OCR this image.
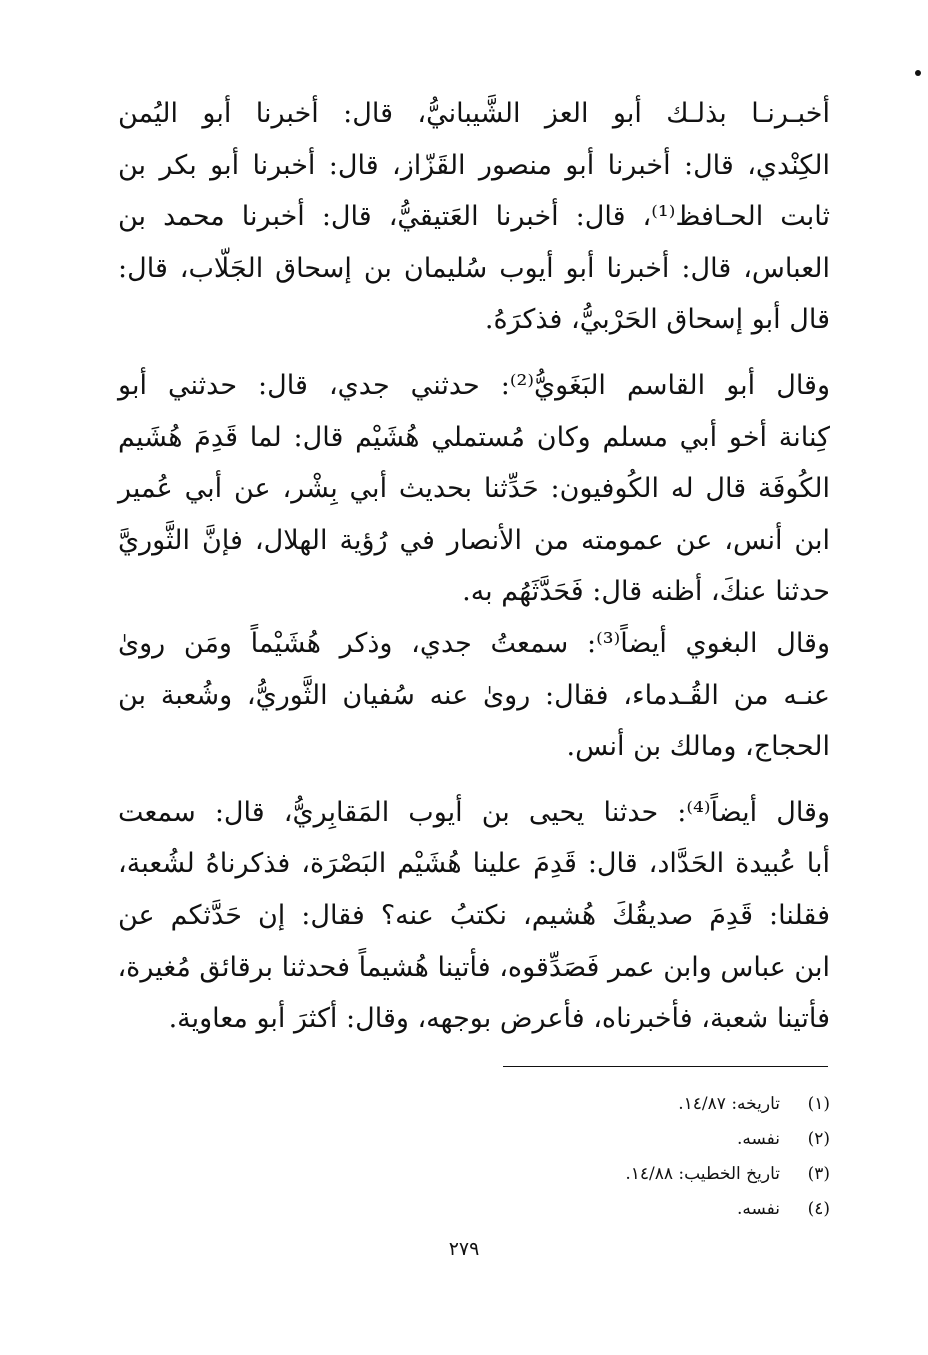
أخبـرنـا بذلـك أبو العز الشَّيبانيُّ، قال: أخبرنا أبو اليُمن
الكِنْدي، قال: أخبرنا أبو منصور القَزّاز، قال: أخبرنا أبو بكر بن
ثابت الحـافظ⁽¹⁾، قال: أخبرنا العَتيقيُّ، قال: أخبرنا محمد بن
العباس، قال: أخبرنا أبو أيوب سُليمان بن إسحاق الجَلّاب، قال:
قال أبو إسحاق الحَرْبيُّ، فذكرَهُ.
وقال أبو القاسم البَغَويُّ⁽²⁾: حدثني جدي، قال: حدثني أبو
كِنانة أخو أبي مسلم وكان مُستملي هُشَيْم قال: لما قَدِمَ هُشَيم
الكُوفَة قال له الكُوفيون: حَدِّثنا بحديث أبي بِشْر، عن أبي عُمير
ابن أنس، عن عمومته من الأنصار في رُؤية الهلال، فإنَّ الثَّوريَّ
حدثنا عنكَ، أظنه قال: فَحَدَّثَهُم به.
وقال البغوي أيضاً⁽³⁾: سمعتُ جدي، وذكر هُشَيْماً ومَن روىٰ
عنـه من القُـدماء، فقال: روىٰ عنه سُفيان الثَّوريُّ، وشُعبة بن
الحجاج، ومالك بن أنس.
وقال أيضاً⁽⁴⁾: حدثنا يحيى بن أيوب المَقابِريُّ، قال: سمعت
أبا عُبيدة الحَدَّاد، قال: قَدِمَ علينا هُشَيْم البَصْرَة، فذكرناهُ لشُعبة،
فقلنا: قَدِمَ صديقُكَ هُشيم، نكتبُ عنه؟ فقال: إن حَدَّثكم عن
ابن عباس وابن عمر فَصَدِّقوه، فأتينا هُشيماً فحدثنا برقائق مُغيرة،
فأتينا شعبة، فأخبرناه، فأعرض بوجهه، وقال: أكثرَ أبو معاوية.
(١)تاريخه: ١٤/٨٧.
(٢)نفسه.
(٣)تاريخ الخطيب: ١٤/٨٨.
(٤)نفسه.
٢٧٩
